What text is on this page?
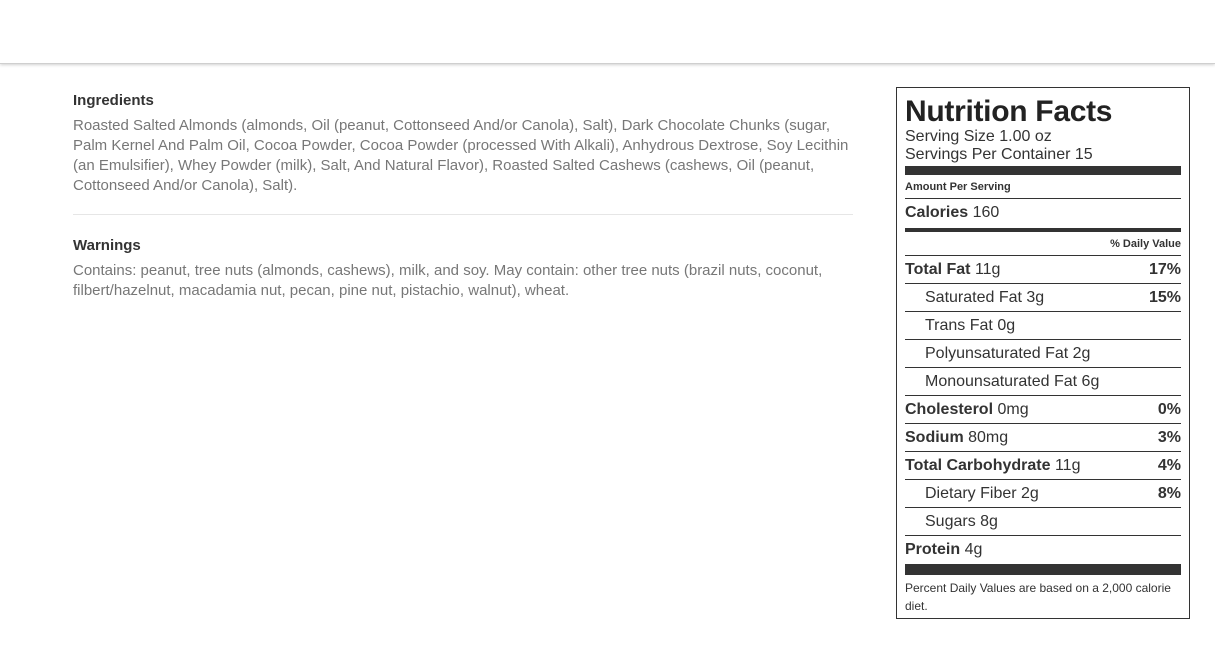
Ingredients

Roasted Salted Almonds (almonds, Oil (peanut, Cottonseed And/or Canola), Salt), Dark Chocolate Chunks (sugar, Palm Kernel And Palm Oil, Cocoa Powder, Cocoa Powder (processed With Alkali), Anhydrous Dextrose, Soy Lecithin (an Emulsifier), Whey Powder (milk), Salt, And Natural Flavor), Roasted Salted Cashews (cashews, Oil (peanut, Cottonseed And/or Canola), Salt).

Warnings

Contains: peanut, tree nuts (almonds, cashews), milk, and soy. May contain: other tree nuts (brazil nuts, coconut, filbert/hazelnut, macadamia nut, pecan, pine nut, pistachio, walnut), wheat.

Nutrition Facts
Serving Size 1.00 oz
Servings Per Container 15
Amount Per Serving
Calories 160
% Daily Value
Total Fat 11g	17%
Saturated Fat 3g	15%
Trans Fat 0g
Polyunsaturated Fat 2g
Monounsaturated Fat 6g
Cholesterol 0mg	0%
Sodium 80mg	3%
Total Carbohydrate 11g	4%
Dietary Fiber 2g	8%
Sugars 8g
Protein 4g
Percent Daily Values are based on a 2,000 calorie diet.
